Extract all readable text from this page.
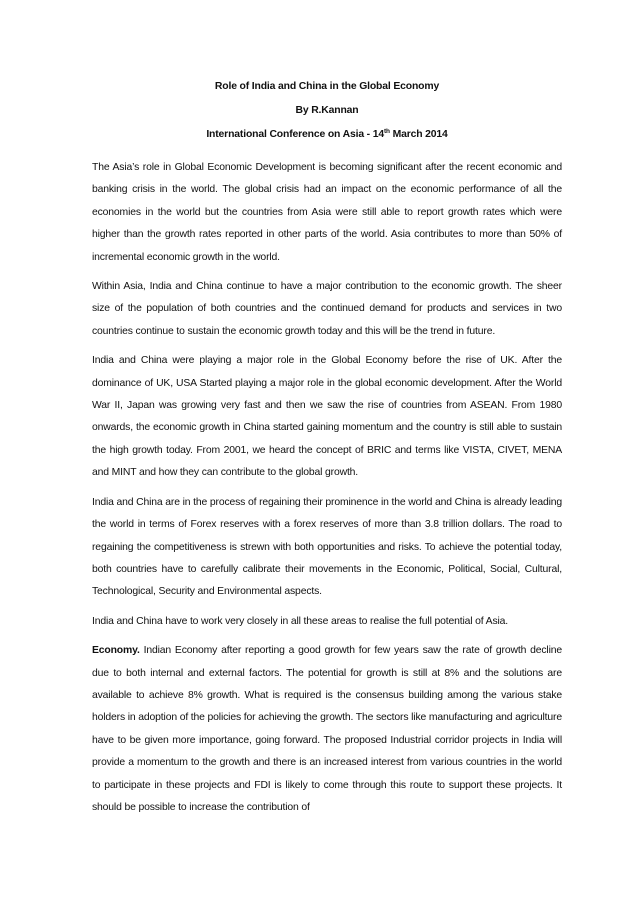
Role of India and China in the Global Economy

By R.Kannan

International Conference on Asia - 14th March 2014

The Asia’s role in Global Economic Development is becoming significant after the recent economic and banking crisis in the world. The global crisis had an impact on the economic performance of all the economies in the world but the countries from Asia were still able to report growth rates which were higher than the growth rates reported in other parts of the world. Asia contributes to more than 50% of incremental economic growth in the world.

Within Asia, India and China continue to have a major contribution to the economic growth. The sheer size of the population of both countries and the continued demand for products and services in two countries continue to sustain the economic growth today and this will be the trend in future.

India and China were playing a major role in the Global Economy before the rise of UK. After the dominance of UK, USA Started playing a major role in the global economic development. After the World War II, Japan was growing very fast and then we saw the rise of countries from ASEAN. From 1980 onwards, the economic growth in China started gaining momentum and the country is still able to sustain the high growth today. From 2001, we heard the concept of BRIC and terms like VISTA, CIVET, MENA and MINT and how they can contribute to the global growth.

India and China are in the process of regaining their prominence in the world and China is already leading the world in terms of Forex reserves with a forex reserves of more than 3.8 trillion dollars. The road to regaining the competitiveness is strewn with both opportunities and risks. To achieve the potential today, both countries have to carefully calibrate their movements in the Economic, Political, Social, Cultural, Technological, Security and Environmental aspects.

India and China have to work very closely in all these areas to realise the full potential of Asia.

Economy. Indian Economy after reporting a good growth for few years saw the rate of growth decline due to both internal and external factors. The potential for growth is still at 8% and the solutions are available to achieve 8% growth. What is required is the consensus building among the various stake holders in adoption of the policies for achieving the growth. The sectors like manufacturing and agriculture have to be given more importance, going forward. The proposed Industrial corridor projects in India will provide a momentum to the growth and there is an increased interest from various countries in the world to participate in these projects and FDI is likely to come through this route to support these projects. It should be possible to increase the contribution of
